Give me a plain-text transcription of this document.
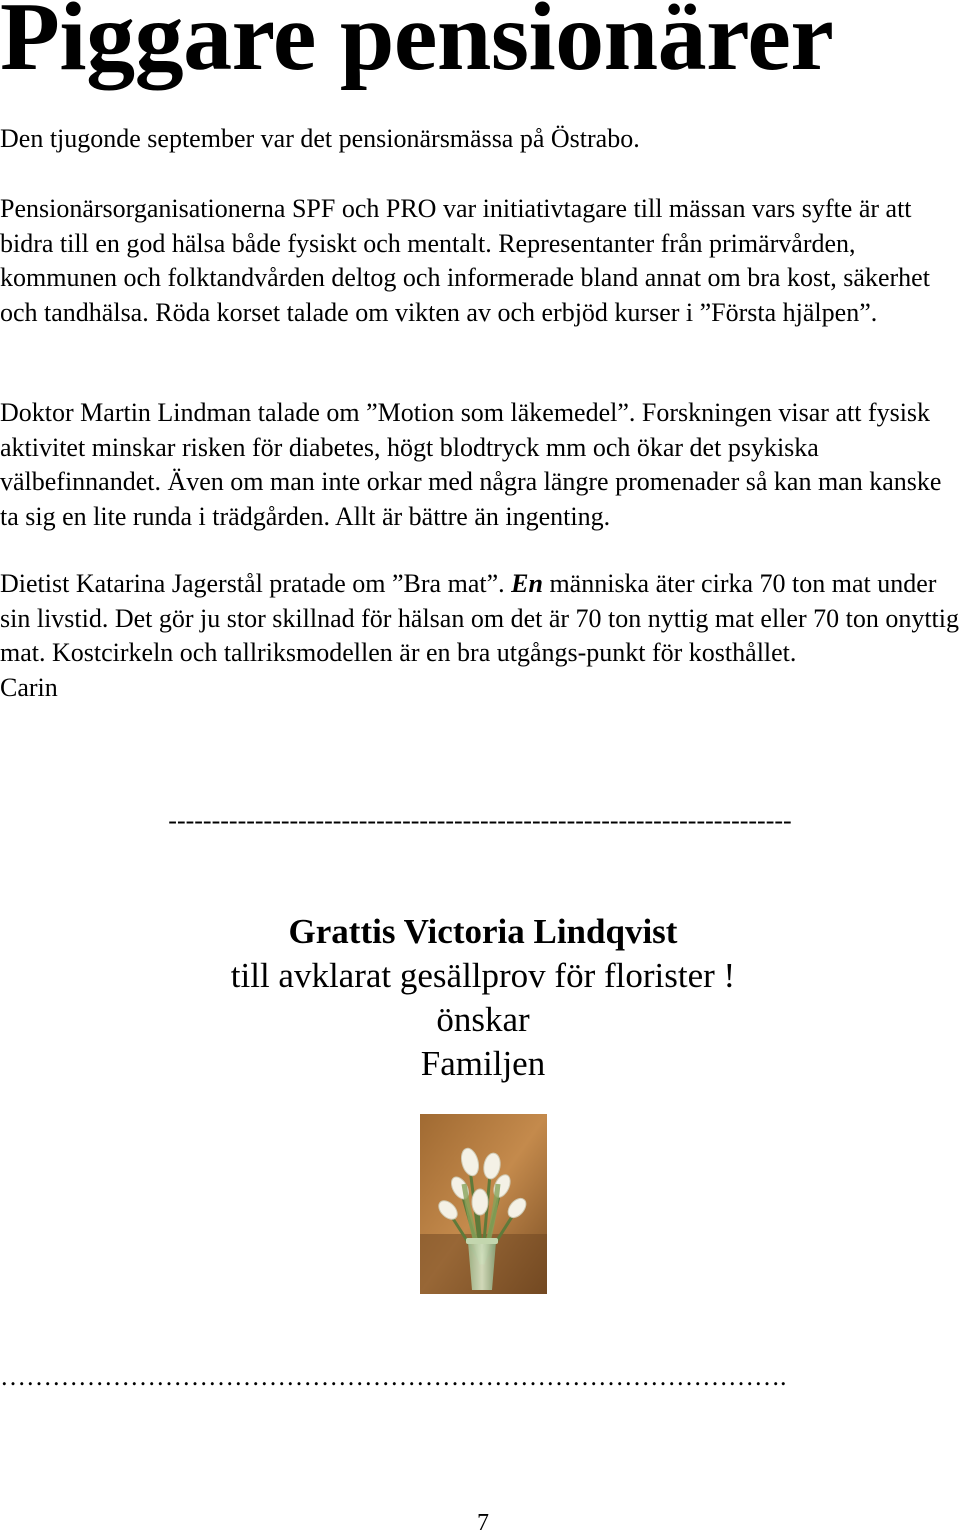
Piggare pensionärer

Den tjugonde september var det pensionärsmässa på Östrabo.

Pensionärsorganisationerna SPF och PRO var initiativtagare till mässan vars syfte är att bidra till en god hälsa både fysiskt och mentalt. Representanter från primärvården, kommunen och folktandvården deltog och informerade bland annat om bra kost, säkerhet och tandhälsa. Röda korset talade om vikten av och erbjöd kurser i ”Första hjälpen”.

Doktor Martin Lindman talade om ”Motion som läkemedel”. Forskningen visar att fysisk aktivitet minskar risken för diabetes, högt blodtryck mm och ökar det psykiska välbefinnandet. Även om man inte orkar med några längre promenader så kan man kanske ta sig en lite runda i trädgården. Allt är bättre än ingenting.

Dietist Katarina Jagerstål pratade om ”Bra mat”. En människa äter cirka 70 ton mat under sin livstid. Det gör ju stor skillnad för hälsan om det är 70 ton nyttig mat eller 70 ton onyttig mat. Kostcirkeln och tallriksmodellen är en bra utgångs-punkt för kosthållet.
Carin
------------------------------------------------------------------------
Grattis Victoria Lindqvist
till avklarat gesällprov för florister !
önskar
Familjen
……………………………………………………………………………….
7
